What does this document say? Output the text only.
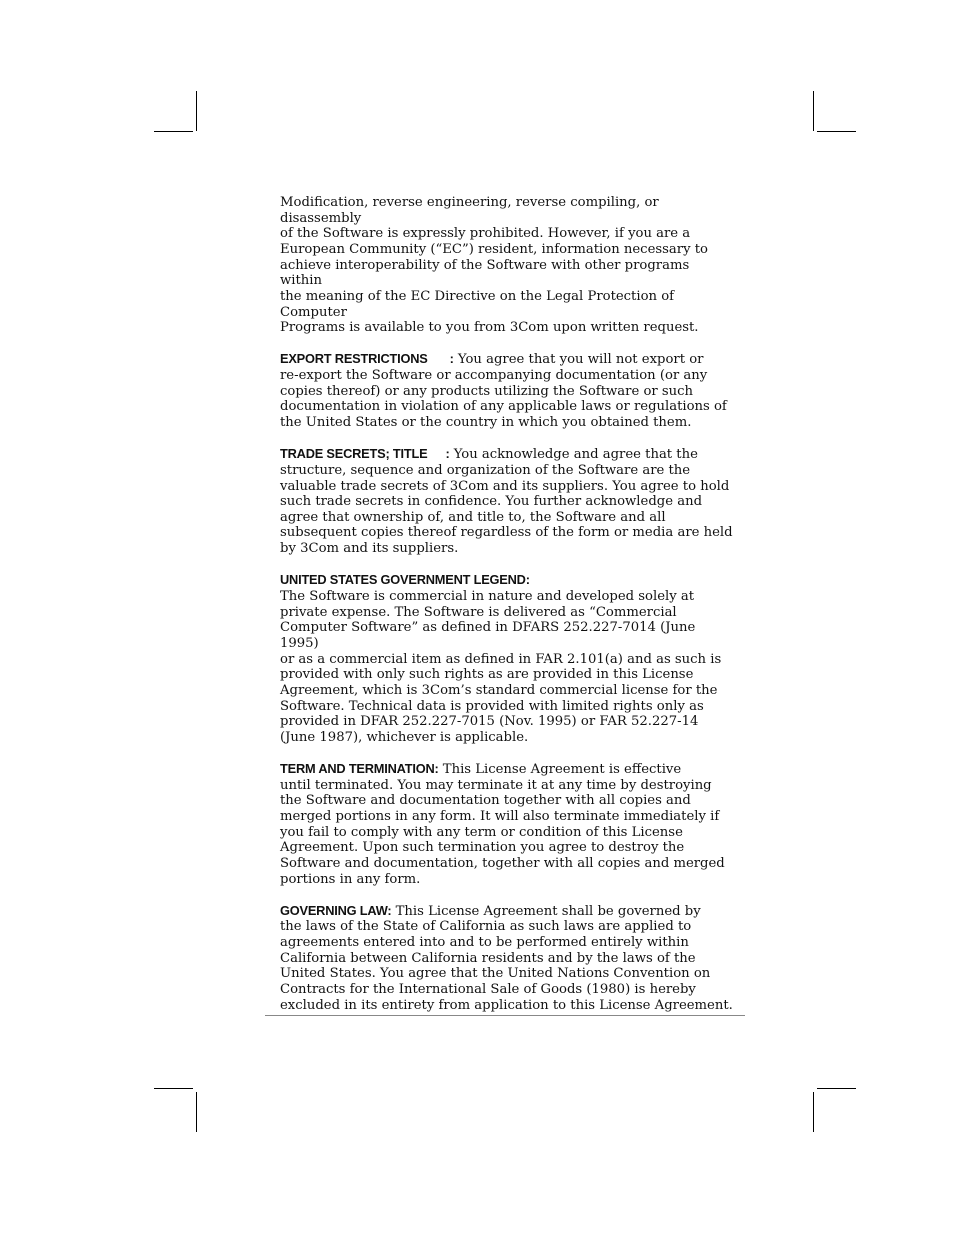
Modification, reverse engineering, reverse compiling, or disassembly
of the Software is expressly prohibited. However, if you are a
European Community (“EC”) resident, information necessary to
achieve interoperability of the Software with other programs within
the meaning of the EC Directive on the Legal Protection of Computer
Programs is available to you from 3Com upon written request.
EXPORT RESTRICTIONS : You agree that you will not export or
re-export the Software or accompanying documentation (or any
copies thereof) or any products utilizing the Software or such
documentation in violation of any applicable laws or regulations of
the United States or the country in which you obtained them.
TRADE SECRETS; TITLE : You acknowledge and agree that the
structure, sequence and organization of the Software are the
valuable trade secrets of 3Com and its suppliers. You agree to hold
such trade secrets in confidence. You further acknowledge and
agree that ownership of, and title to, the Software and all
subsequent copies thereof regardless of the form or media are held
by 3Com and its suppliers.
UNITED STATES GOVERNMENT LEGEND:
The Software is commercial in nature and developed solely at
private expense. The Software is delivered as “Commercial
Computer Software” as defined in DFARS 252.227-7014 (June 1995)
or as a commercial item as defined in FAR 2.101(a) and as such is
provided with only such rights as are provided in this License
Agreement, which is 3Com’s standard commercial license for the
Software. Technical data is provided with limited rights only as
provided in DFAR 252.227-7015 (Nov. 1995) or FAR 52.227-14
(June 1987), whichever is applicable.
TERM AND TERMINATION: This License Agreement is effective
until terminated. You may terminate it at any time by destroying
the Software and documentation together with all copies and
merged portions in any form. It will also terminate immediately if
you fail to comply with any term or condition of this License
Agreement. Upon such termination you agree to destroy the
Software and documentation, together with all copies and merged
portions in any form.
GOVERNING LAW: This License Agreement shall be governed by
the laws of the State of California as such laws are applied to
agreements entered into and to be performed entirely within
California between California residents and by the laws of the
United States. You agree that the United Nations Convention on
Contracts for the International Sale of Goods (1980) is hereby
excluded in its entirety from application to this License Agreement.
